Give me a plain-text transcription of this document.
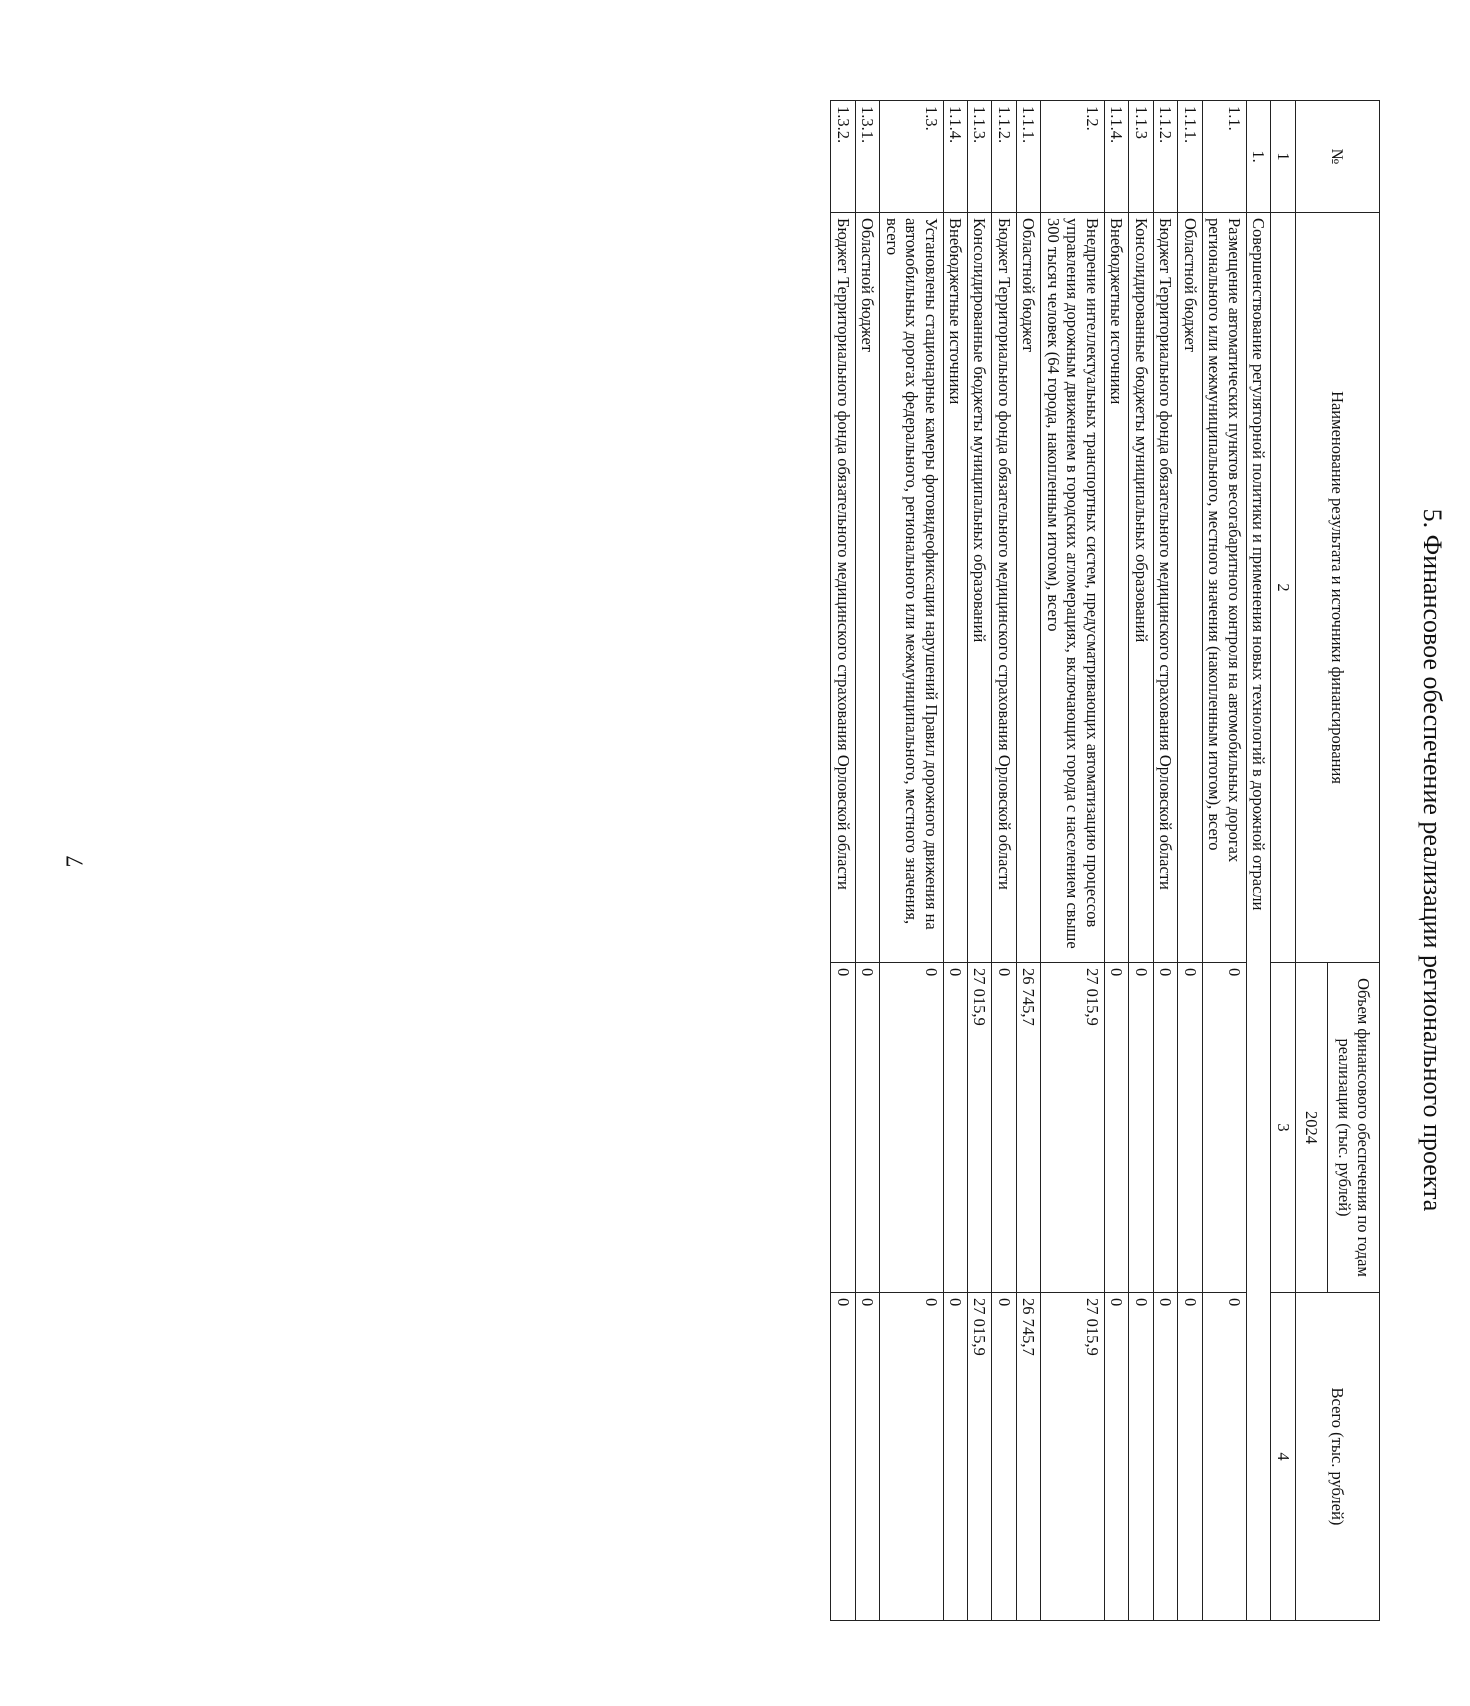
7	5. Финансовое обеспечение реализации регионального проекта
№	Наименование результата и источники финансирования	Объем финансового обеспечения по годам реализации (тыс. рублей)	Всего (тыс. рублей)
		2024	
1	2	3	4
1.	Совершенствование регуляторной политики и применения новых технологий в дорожной отрасли		
1.1.	Размещение автоматических пунктов весогабаритного контроля на автомобильных дорогах регионального или межмуниципального, местного значения (накопленным итогом), всего	0	0
1.1.1.	Областной бюджет	0	0
1.1.2.	Бюджет Территориального фонда обязательного медицинского страхования Орловской области	0	0
1.1.3	Консолидированные бюджеты муниципальных образований	0	0
1.1.4.	Внебюджетные источники	0	0
1.2.	Внедрение интеллектуальных транспортных систем, предусматривающих автоматизацию процессов управления дорожным движением в городских агломерациях, включающих города с населением свыше 300 тысяч человек (64 города, накопленным итогом), всего	27 015,9	27 015,9
1.1.1.	Областной бюджет	26 745,7	26 745,7
1.1.2.	Бюджет Территориального фонда обязательного медицинского страхования Орловской области	0	0
1.1.3.	Консолидированные бюджеты муниципальных образований	27 015,9	27 015,9
1.1.4.	Внебюджетные источники	0	0
1.3.	Установлены стационарные камеры фотовидеофиксации нарушений Правил дорожного движения на автомобильных дорогах федерального, регионального или межмуниципального, местного значения, всего	0	0
1.3.1.	Областной бюджет	0	0
1.3.2.	Бюджет Территориального фонда обязательного медицинского страхования Орловской области	0	0
